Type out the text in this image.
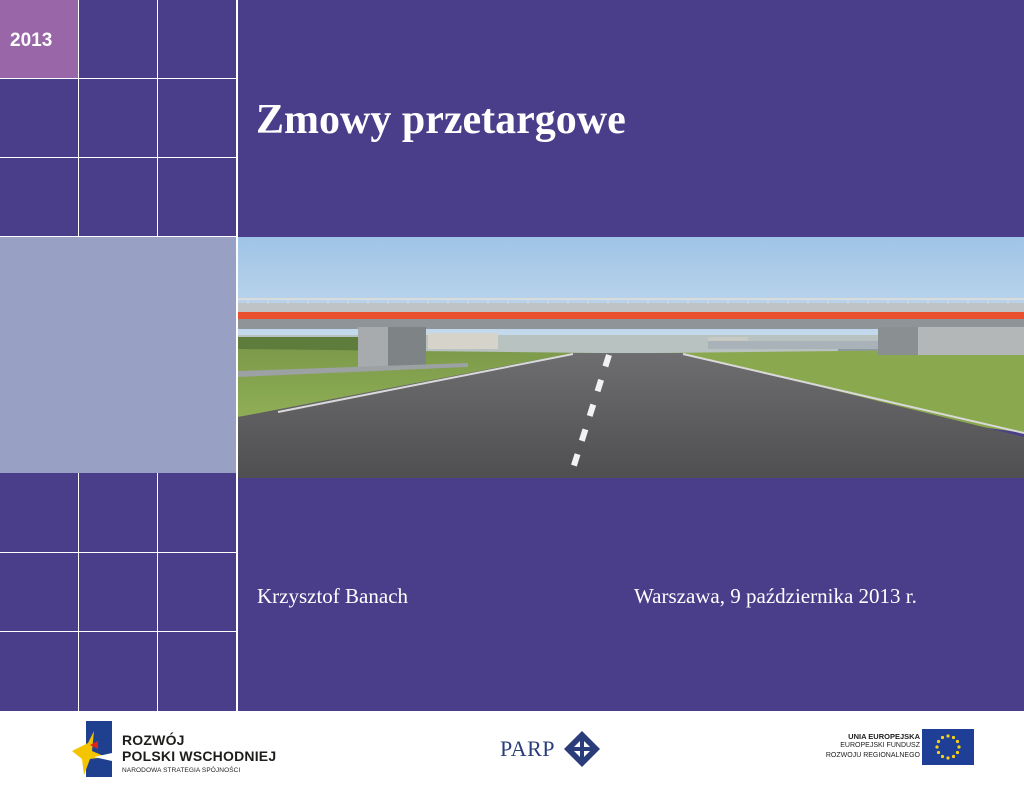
2013
Zmowy przetargowe
Krzysztof Banach	Warszawa, 9 października 2013 r.
ROZWÓJ
POLSKI WSCHODNIEJ
NARODOWA STRATEGIA SPÓJNOŚCI
PARP	UNIA EUROPEJSKA
EUROPEJSKI FUNDUSZ
ROZWOJU REGIONALNEGO
